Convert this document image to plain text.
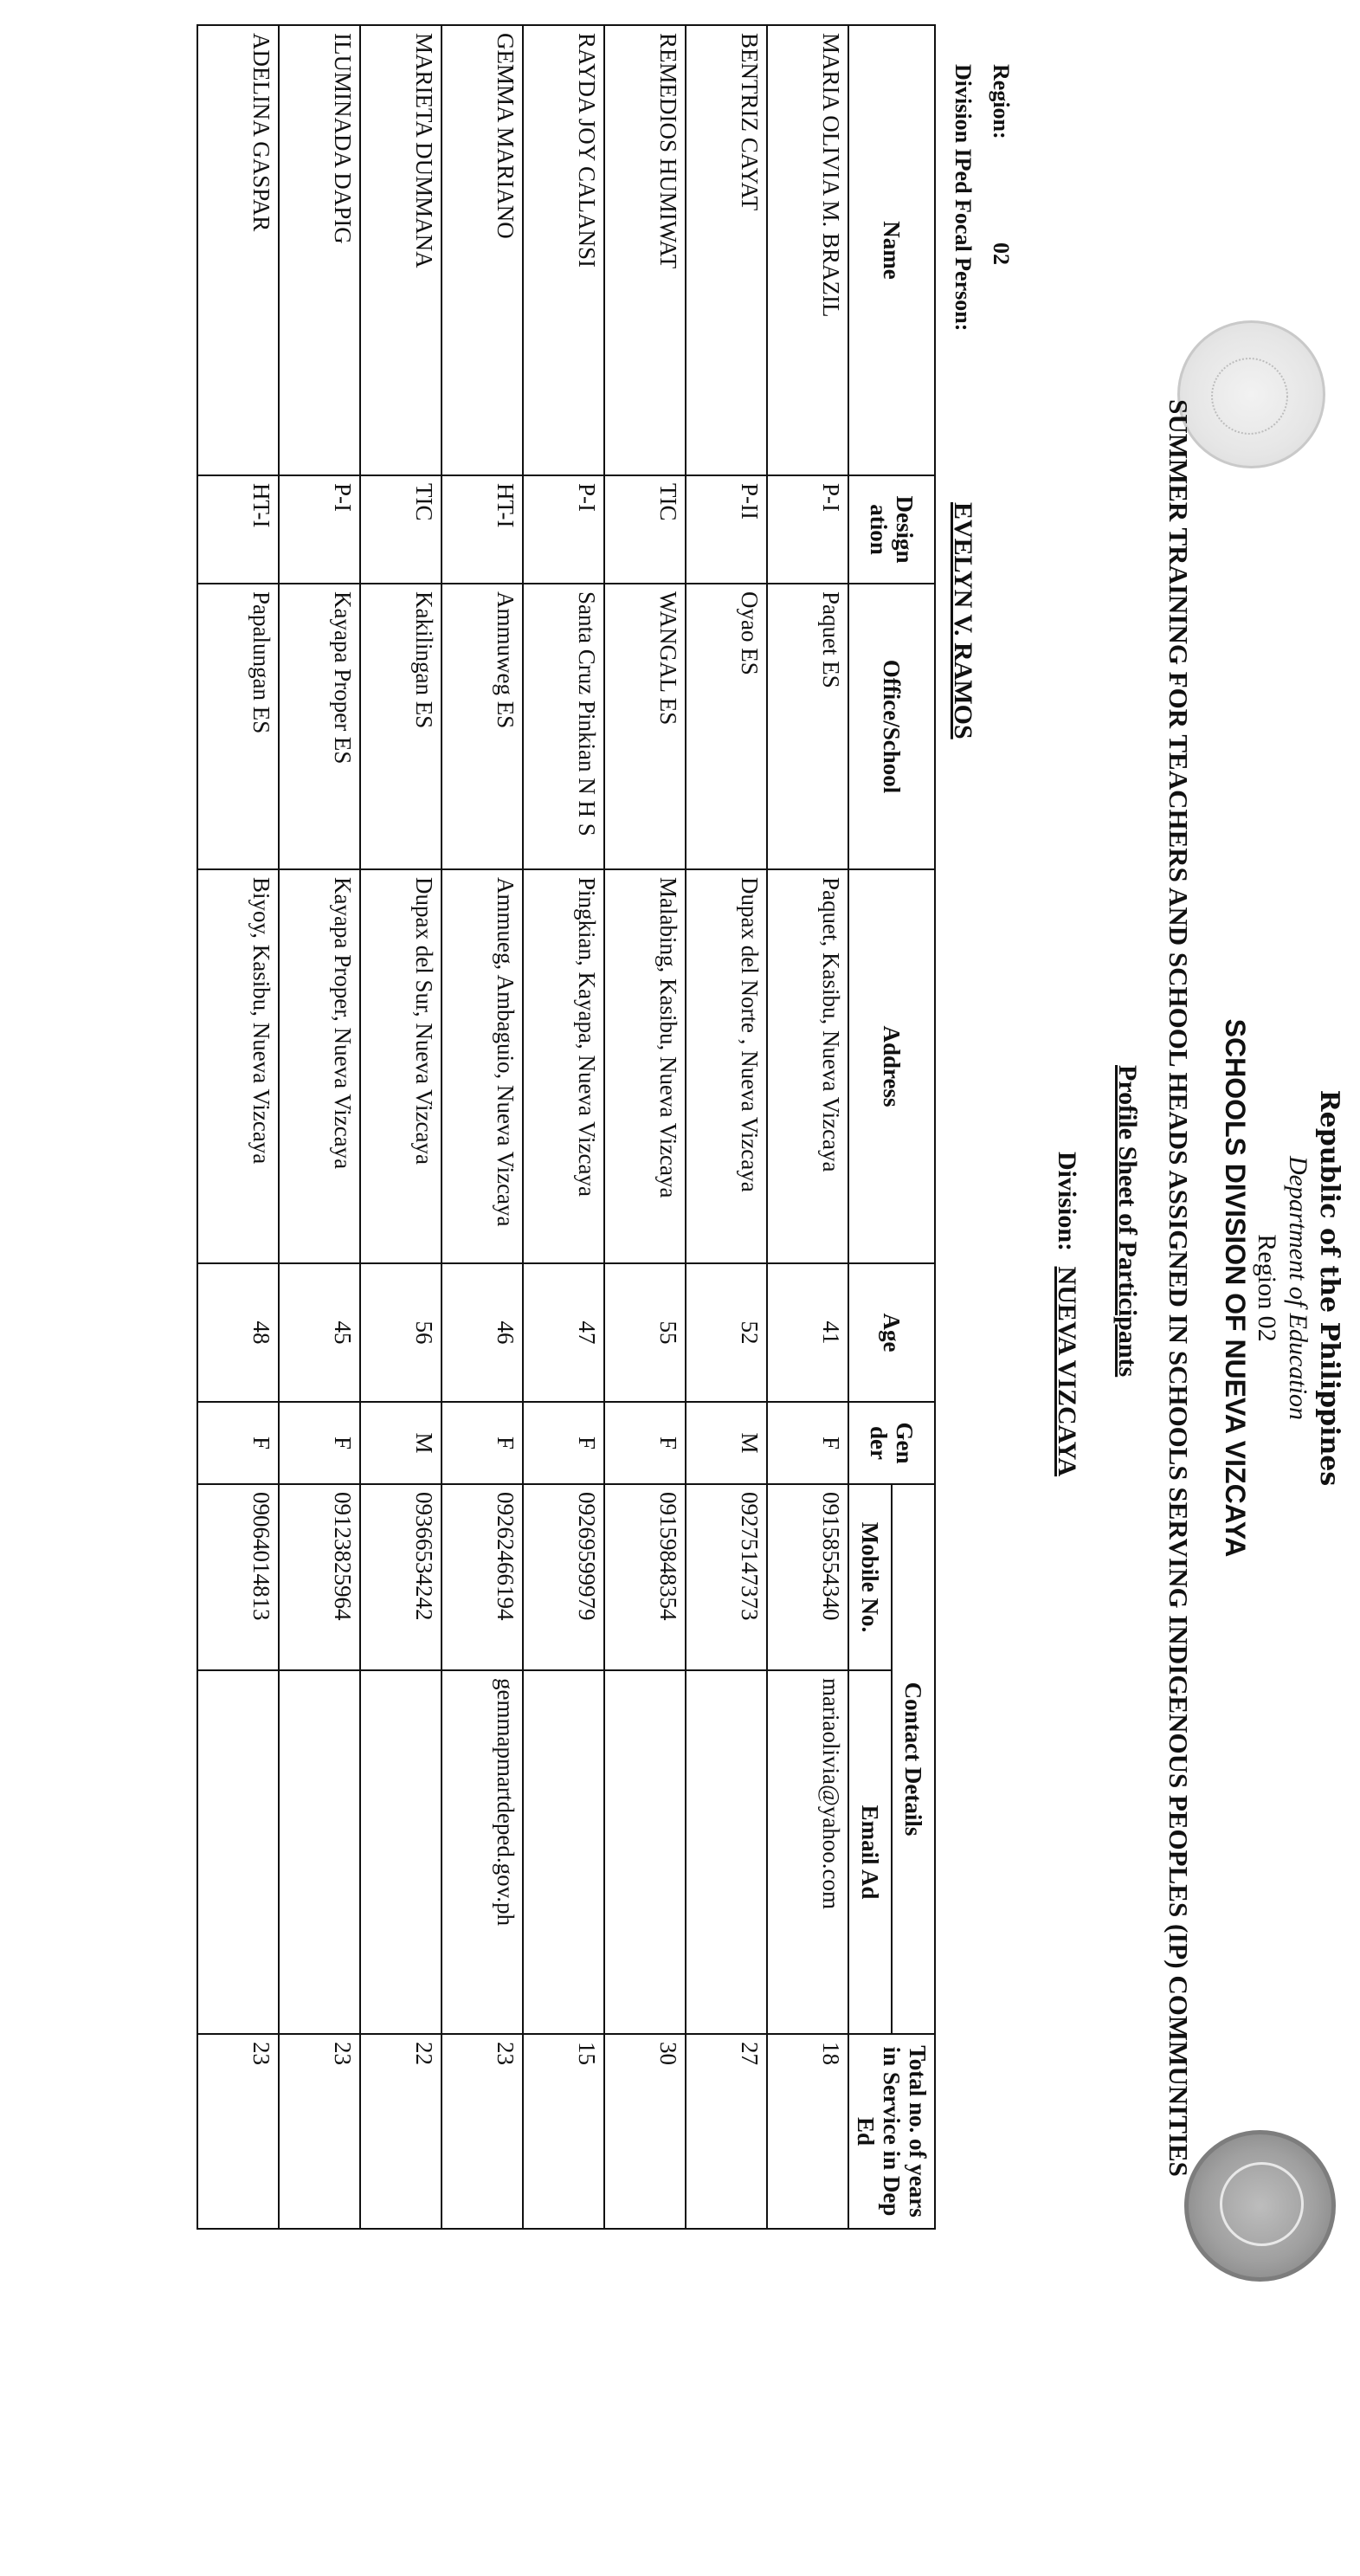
Republic of the Philippines
Department of Education
Region 02
SCHOOLS DIVISION OF NUEVA VIZCAYA
SUMMER TRAINING FOR TEACHERS AND SCHOOL HEADS ASSIGNED IN SCHOOLS SERVING INDIGENOUS PEOPLES (IP) COMMUNITIES
Profile Sheet of Participants
Division: NUEVA VIZCAYA
Region:
02
Division IPed Focal Person:
EVELYN V. RAMOS
Name	Design ation	Office/School	Address	Age	Gen der	Contact Details		Total no. of years in Service in Dep Ed
						Mobile No.	Email Ad	
MARIA OLIVIA M. BRAZIL	P-I	Paquet ES	Paquet, Kasibu, Nueva Vizcaya	41	F	09158554340	mariaolivia@yahoo.com	18
BENTRIZ CAYAT	P-II	Oyao ES	Dupax del Norte , Nueva Vizcaya	52	M	09275147373		27
REMEDIOS HUMIWAT	TIC	WANGAL ES	Malabing, Kasibu, Nueva Vizcaya	55	F	09159848354		30
RAYDA JOY CALANSI	P-I	Santa Cruz Pinkian N H S	Pingkian, Kayapa, Nueva Vizcaya	47	F	09269599979		15
GEMMA MARIANO	HT-I	Ammuweg ES	Ammueg, Ambaguio, Nueva Vizcaya	46	F	09262466194	gemmapmartdeped.gov.ph	23
MARIETA DUMMANA	TIC	Kakilingan ES	Dupax del Sur, Nueva Vizcaya	56	M	09366534242		22
ILUMINADA DAPIG	P-I	Kayapa Proper ES	Kayapa Proper, Nueva Vizcaya	45	F	09123825964		23
ADELINA GASPAR	HT-I	Papalungan ES	Biyoy, Kasibu, Nueva Vizcaya	48	F	09064014813		23
